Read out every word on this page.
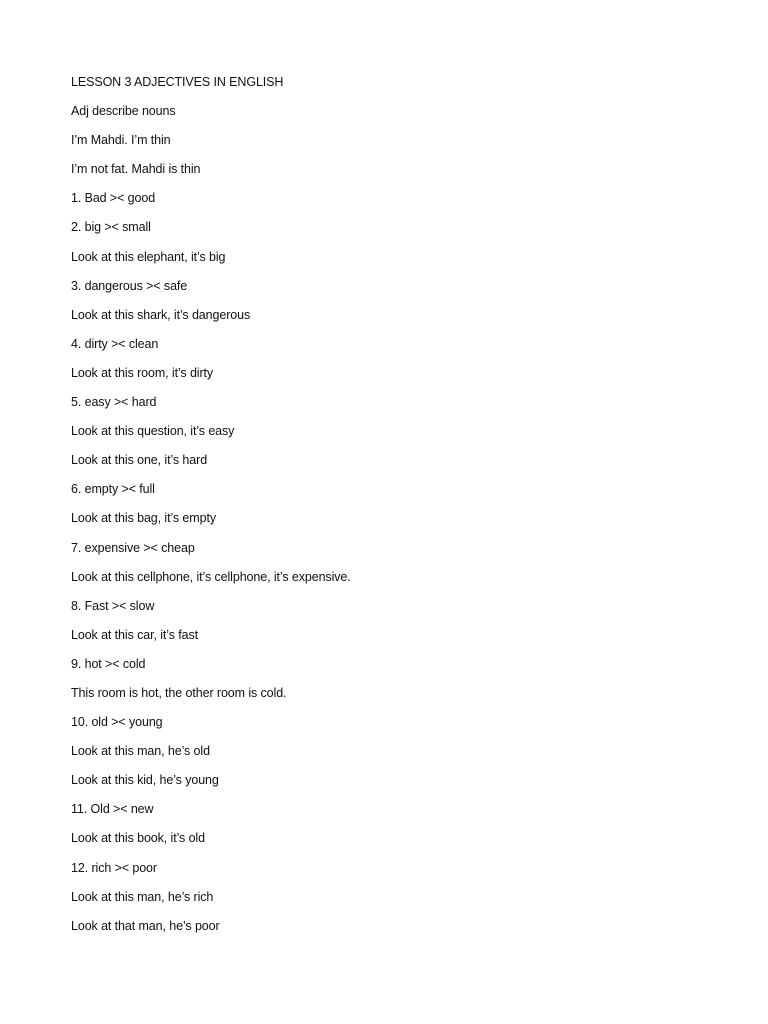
LESSON 3 ADJECTIVES IN ENGLISH
Adj describe nouns
I’m Mahdi. I’m thin
I’m not fat. Mahdi is thin
1. Bad >< good
2. big >< small
Look at this elephant, it’s big
3. dangerous >< safe
Look at this shark, it’s dangerous
4. dirty >< clean
Look at this room, it’s dirty
5. easy >< hard
Look at this question, it’s easy
Look at this one, it’s hard
6. empty >< full
Look at this bag, it’s empty
7. expensive >< cheap
Look at this cellphone, it’s cellphone, it’s expensive.
8. Fast >< slow
Look at this car, it’s fast
9. hot >< cold
This room is hot, the other room is cold.
10. old >< young
Look at this man, he’s old
Look at this kid, he’s young
11. Old >< new
Look at this book, it’s old
12. rich >< poor
Look at this man, he’s rich
Look at that man, he’s poor
